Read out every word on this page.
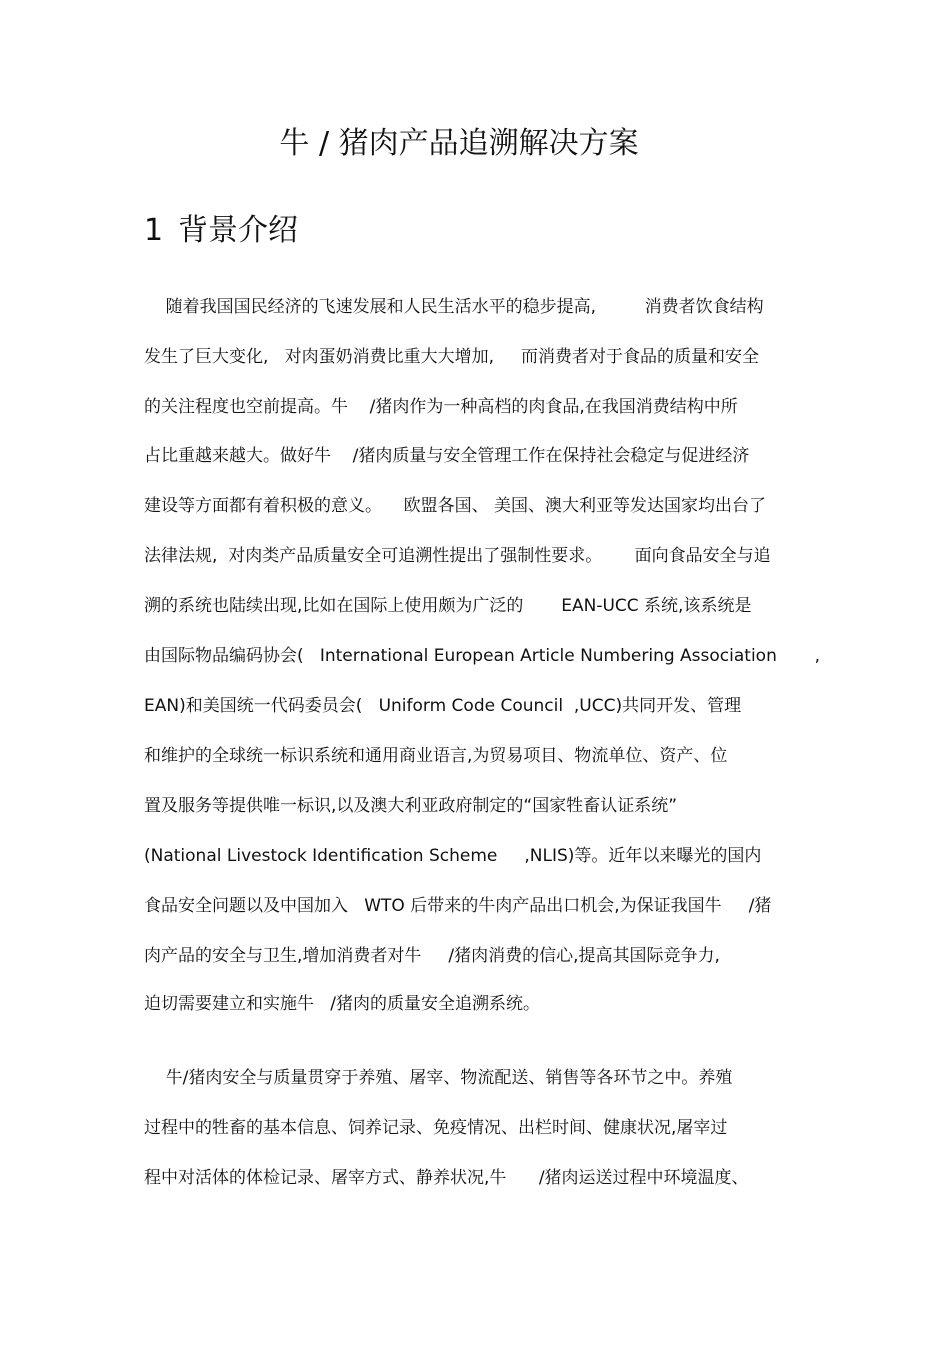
牛 / 猪肉产品追溯解决方案
1 背景介绍

随着我国国民经济的飞速发展和人民生活水平的稳步提高,         消费者饮食结构

发生了巨大变化,   对肉蛋奶消费比重大大增加,     而消费者对于食品的质量和安全

的关注程度也空前提高。牛    /猪肉作为一种高档的肉食品,在我国消费结构中所

占比重越来越大。做好牛    /猪肉质量与安全管理工作在保持社会稳定与促进经济

建设等方面都有着积极的意义。    欧盟各国、 美国、澳大利亚等发达国家均出台了

法律法规,  对肉类产品质量安全可追溯性提出了强制性要求。      面向食品安全与追

溯的系统也陆续出现,比如在国际上使用颇为广泛的       EAN-UCC 系统,该系统是

由国际物品编码协会(   International European Article Numbering Association       ,

EAN)和美国统一代码委员会(   Uniform Code Council  ,UCC)共同开发、管理

和维护的全球统一标识系统和通用商业语言,为贸易项目、物流单位、资产、位

置及服务等提供唯一标识,以及澳大利亚政府制定的“国家牲畜认证系统”

(National Livestock Identification Scheme     ,NLIS)等。近年以来曝光的国内

食品安全问题以及中国加入   WTO 后带来的牛肉产品出口机会,为保证我国牛     /猪

肉产品的安全与卫生,增加消费者对牛     /猪肉消费的信心,提高其国际竞争力,

迫切需要建立和实施牛   /猪肉的质量安全追溯系统。

牛/猪肉安全与质量贯穿于养殖、屠宰、物流配送、销售等各环节之中。养殖

过程中的牲畜的基本信息、饲养记录、免疫情况、出栏时间、健康状况,屠宰过

程中对活体的体检记录、屠宰方式、静养状况,牛      /猪肉运送过程中环境温度、
